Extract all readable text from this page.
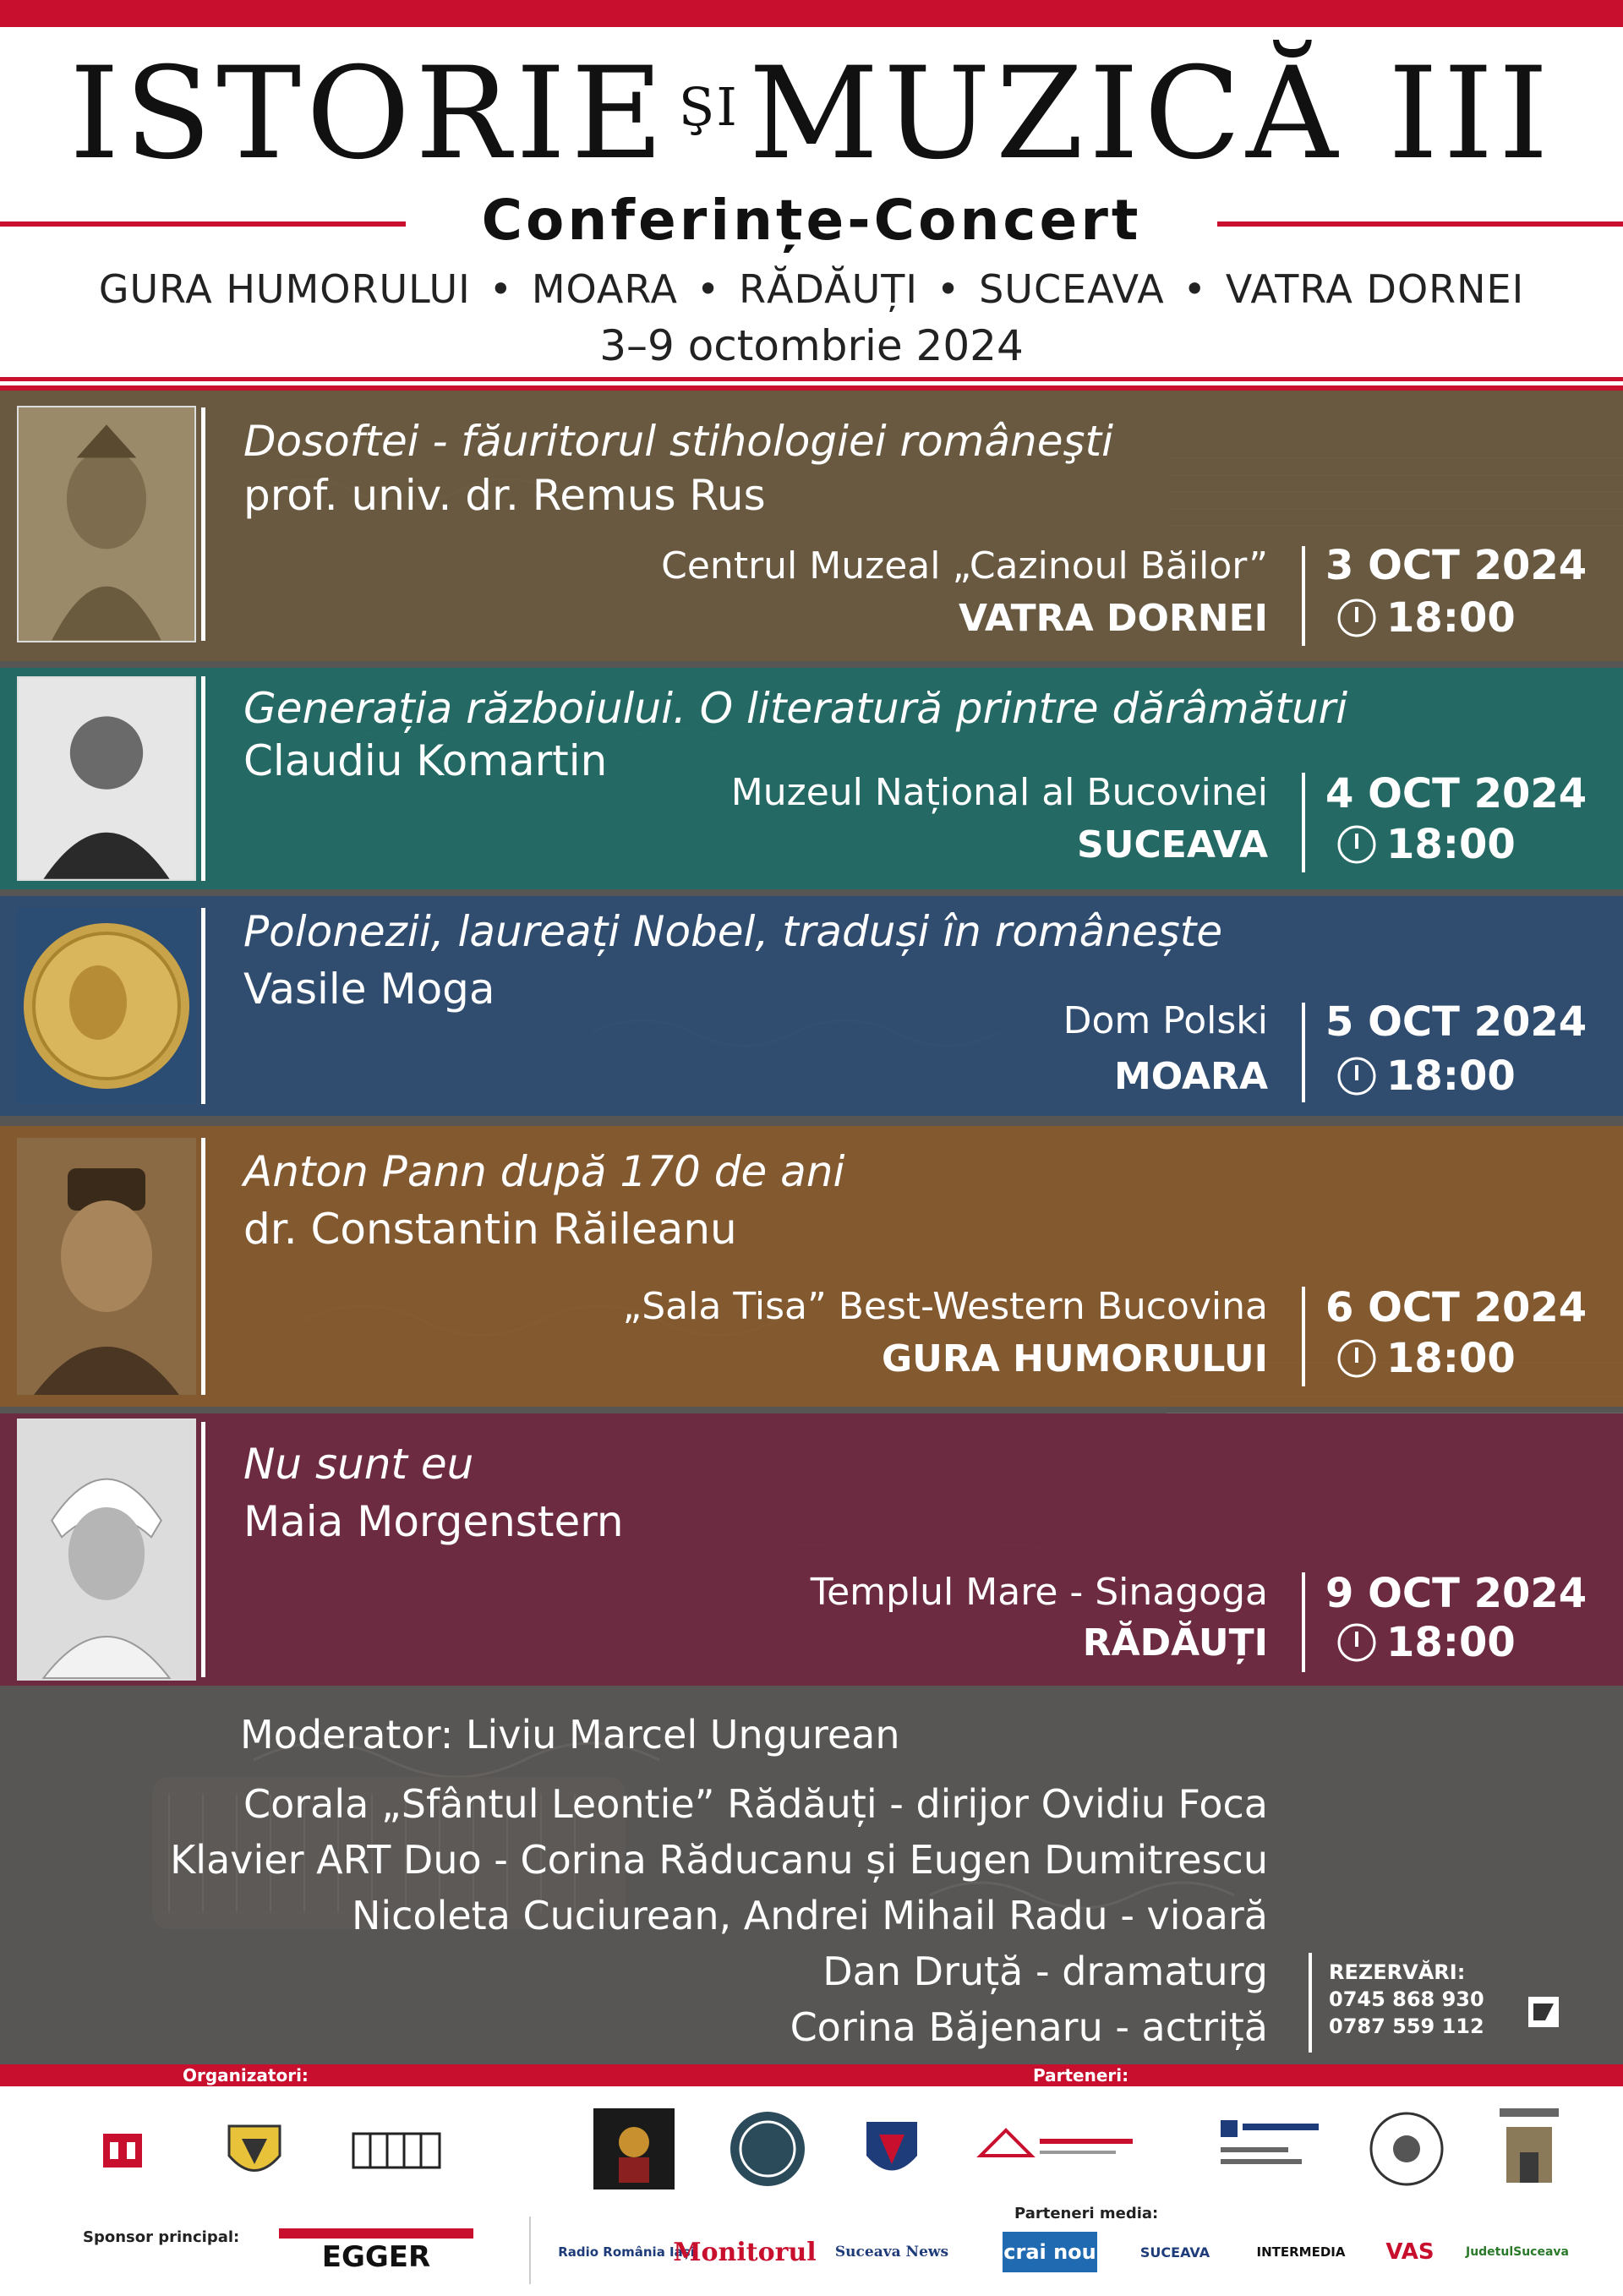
ISTORIE $^{ŞI}$MUZICĂ III
Conferințe-Concert
GURA HUMORULUI • MOARA • RĂDĂUȚI • SUCEAVA • VATRA DORNEI
3–9 octombrie 2024
Dosoftei - făuritorul stihologiei româneşti
prof. univ. dr. Remus Rus
Centrul Muzeal „Cazinoul Băilor”
VATRA DORNEI
3 OCT 2024
18:00
Generația războiului. O literatură printre dărâmături
Claudiu Komartin
Muzeul Național al Bucovinei
SUCEAVA
4 OCT 2024
18:00
Polonezii, laureați Nobel, traduși în românește
Vasile Moga
Dom Polski
MOARA
5 OCT 2024
18:00
Anton Pann după 170 de ani
dr. Constantin Răileanu
„Sala Tisa” Best-Western Bucovina
GURA HUMORULUI
6 OCT 2024
18:00
Nu sunt eu
Maia Morgenstern
Templul Mare - Sinagoga
RĂDĂUȚI
9 OCT 2024
18:00
Moderator: Liviu Marcel Ungurean
Corala „Sfântul Leontie” Rădăuți - dirijor Ovidiu Foca
Klavier ART Duo - Corina Răducanu și Eugen Dumitrescu
Nicoleta Cuciurean, Andrei Mihail Radu - vioară
Dan Druță - dramaturg
Corina Băjenaru - actriță
REZERVĂRI:
0745 868 930
0787 559 112
Organizatori:	Parteneri:
Sponsor principal:
EGGER
Parteneri media:
Radio România Iași
Monitorul Suceava News	crai nou	SUCEAVA	INTERMEDIA VAS	JudetulSuceava
